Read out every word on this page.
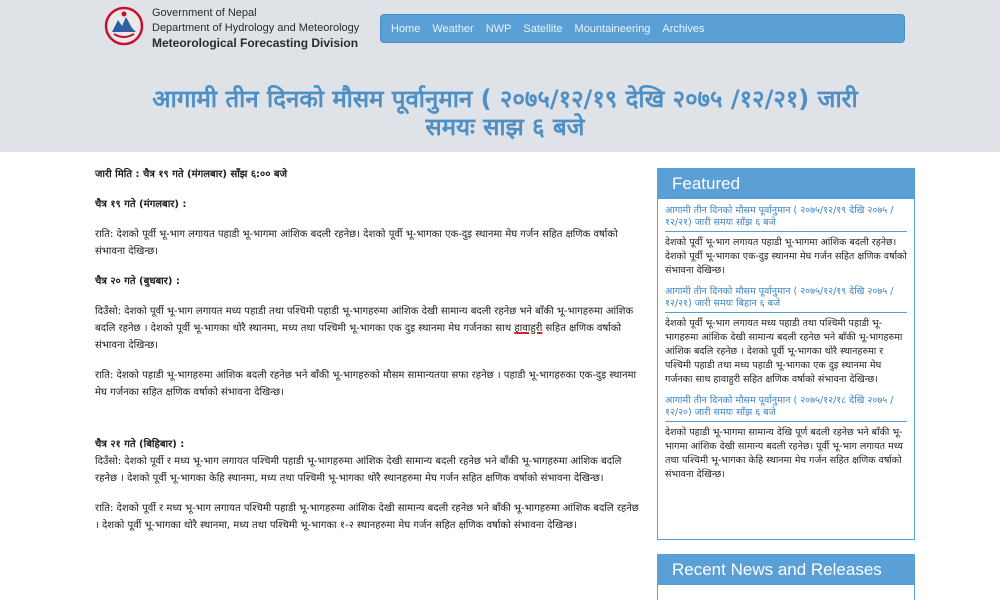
Government of Nepal
Department of Hydrology and Meteorology
Meteorological Forecasting Division
Home	Weather	NWP	Satellite	Mountaineering	Archives
आगामी तीन दिनको मौसम पूर्वानुमान ( २०७५/१२/१९ देखि २०७५ /१२/२१) जारी
समयः साझ ६ बजे
जारी मिति : चैत्र १९ गते (मंगलबार) साँझ ६:०० बजे
चैत्र १९ गते (मंगलबार) :
राति: देशको पूर्वी भू-भाग लगायत पहाडी भू-भागमा आंशिक बदली रहनेछ। देशको पूर्वी भू-भागका एक-दुइ स्थानमा मेघ गर्जन सहित क्षणिक वर्षाको संभावना देखिन्छ।
चैत्र २० गते (बुधबार) :
दिउँसो: देशको पूर्वी भू-भाग लगायत मध्य पहाडी तथा पश्चिमी पहाडी भू-भागहरुमा आंशिक देखी सामान्य बदली रहनेछ भने बाँकी भू-भागहरुमा आंशिक बदलि रहनेछ । देशको पूर्वी भू-भागका थोरै स्थानमा, मध्य तथा पश्चिमी भू-भागका एक दुइ स्थानमा मेघ गर्जनका साथ हावाहुरी सहित क्षणिक वर्षाको संभावना देखिन्छ।
राति: देशको पहाडी भू-भागहरुमा आंशिक बदली रहनेछ भने बाँकी भू-भागहरुको मौसम सामान्यतया सफा रहनेछ । पहाडी भू-भागहरुका एक-दुइ स्थानमा मेघ गर्जनका सहित क्षणिक वर्षाको संभावना देखिन्छ।
चैत्र २१ गते (बिहिबार) :
दिउँसो: देशको पूर्वी र मध्य भू-भाग लगायत पश्चिमी पहाडी भू-भागहरुमा आंशिक देखी सामान्य बदली रहनेछ भने बाँकी भू-भागहरुमा आंशिक बदलि रहनेछ । देशको पूर्वी भू-भागका केहि स्थानमा, मध्य तथा पश्चिमी भू-भागका थोरै स्थानहरुमा मेघ गर्जन सहित क्षणिक वर्षाको संभावना देखिन्छ।
राति: देशको पूर्वी र मध्य भू-भाग लगायत पश्चिमी पहाडी भू-भागहरुमा आंशिक देखी सामान्य बदली रहनेछ भने बाँकी भू-भागहरुमा आंशिक बदलि रहनेछ । देशको पूर्वी भू-भागका थोरै स्थानमा, मध्य तथा पश्चिमी भू-भागका १-२ स्थानहरुमा मेघ गर्जन सहित क्षणिक वर्षाको संभावना देखिन्छ।
Featured
आगामी तीन दिनको मौसम पूर्वानुमान ( २०७५/१२/१९ देखि २०७५ /१२/२१) जारी समयः साँझ ६ बजे
देशको पूर्वी भू-भाग लगायत पहाडी भू-भागमा आंशिक बदली रहनेछ। देशको पूर्वी भू-भागका एक-दुइ स्थानमा मेघ गर्जन सहित क्षणिक वर्षाको संभावना देखिन्छ।
आगामी तीन दिनको मौसम पूर्वानुमान ( २०७५/१२/१९ देखि २०७५ /१२/२१) जारी समयः बिहान ६ बजे
देशको पूर्वी भू-भाग लगायत मध्य पहाडी तथा पश्चिमी पहाडी भू-भागहरुमा आंशिक देखी सामान्य बदली रहनेछ भने बाँकी भू-भागहरुमा आंशिक बदलि रहनेछ । देशको पूर्वी भू-भागका थोरै स्थानहरुमा र पश्चिमी पहाडी तथा मध्य पहाडी भू-भागका एक दुइ स्थानमा मेघ गर्जनका साथ हावाहुरी सहित क्षणिक वर्षाको संभावना देखिन्छ।
आगामी तीन दिनको मौसम पूर्वानुमान ( २०७५/१२/१८ देखि २०७५ /१२/२०) जारी समयः साँझ ६ बजे
देशको पहाडी भू-भागमा सामान्य देखि पूर्ण बदली रहनेछ भने बाँकी भू-भागमा आंशिक देखी सामान्य बदली रहनेछ। पूर्वी भू-भाग लगायत मध्य तथा पश्चिमी भू-भागका केहि स्थानमा मेघ गर्जन सहित क्षणिक वर्षाको संभावना देखिन्छ।
Recent News and Releases
